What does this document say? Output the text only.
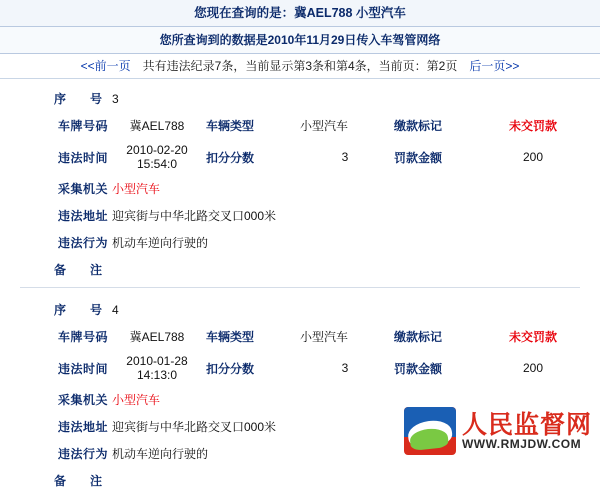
您现在查询的是：冀AEL788 小型汽车
您所查询到的数据是2010年11月29日传入车驾管网络
<<前一页　 共有违法纪录7条，当前显示第3条和第4条，当前页：第2页　 后一页>>
序　号	3				
车牌号码	冀AEL788	车辆类型	小型汽车	缴款标记	未交罚款
违法时间	2010-02-20 15:54:0	扣分分数	3	罚款金额	200
采集机关	小型汽车				
违法地址	迎宾街与中华北路交叉口000米				
违法行为	机动车逆向行驶的				
备　注					
序　号	4				
车牌号码	冀AEL788	车辆类型	小型汽车	缴款标记	未交罚款
违法时间	2010-01-28 14:13:0	扣分分数	3	罚款金额	200
采集机关	小型汽车				
违法地址	迎宾街与中华北路交叉口000米				
违法行为	机动车逆向行驶的				
备　注					
人民监督网
WWW.RMJDW.COM
